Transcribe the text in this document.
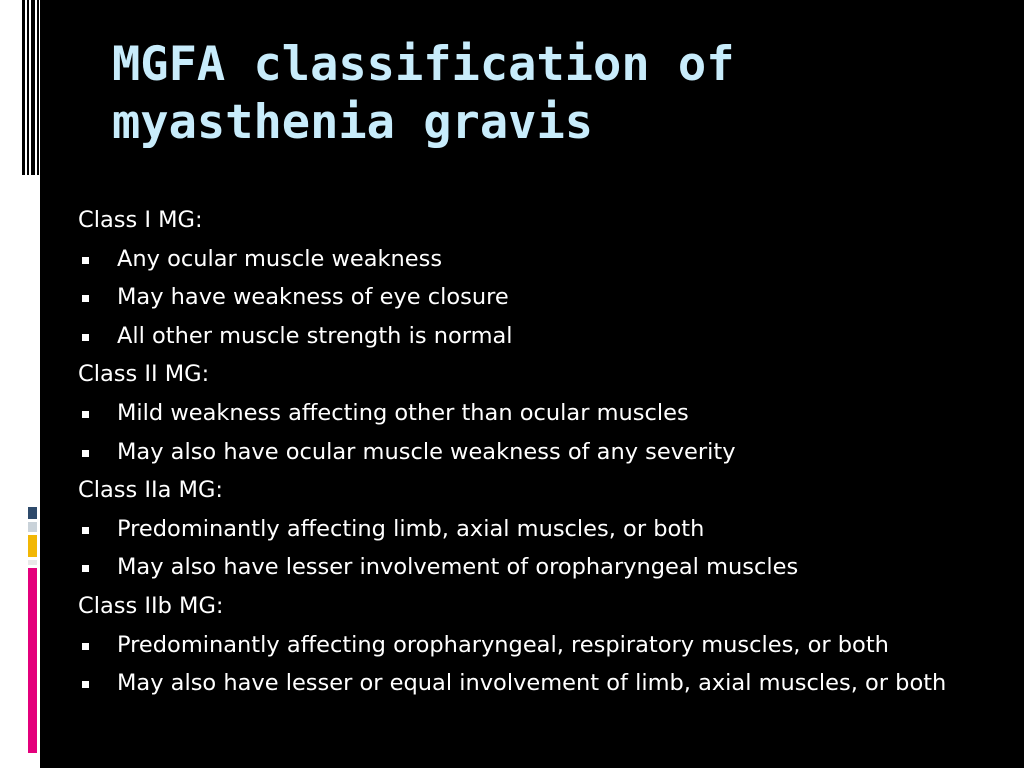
MGFA classification of myasthenia gravis
Class I MG:
Any ocular muscle weakness
May have weakness of eye closure
All other muscle strength is normal
Class II MG:
Mild weakness affecting other than ocular muscles
May also have ocular muscle weakness of any severity
Class IIa MG:
Predominantly affecting limb, axial muscles, or both
May also have lesser involvement of oropharyngeal muscles
Class IIb MG:
Predominantly affecting oropharyngeal, respiratory muscles, or both
May also have lesser or equal involvement of limb, axial muscles, or both
